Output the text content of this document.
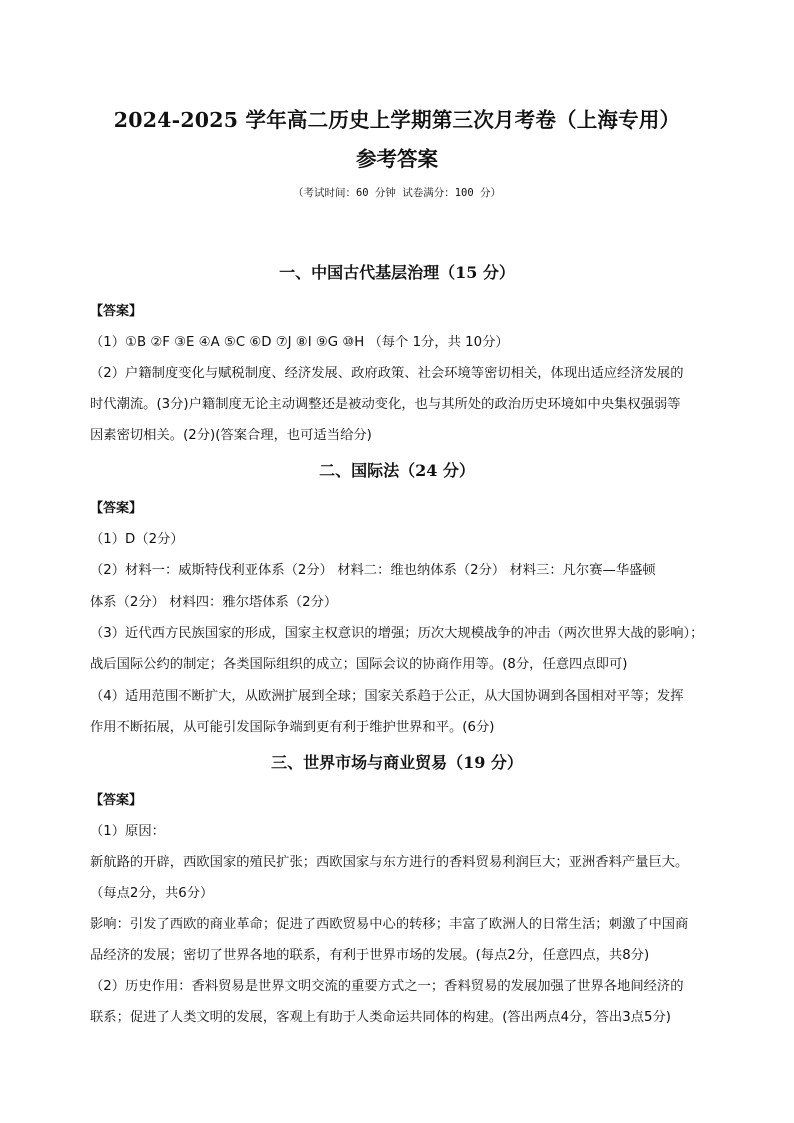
2024-2025 学年高二历史上学期第三次月考卷（上海专用）
参考答案
（考试时间：60 分钟 试卷满分：100 分）
一、中国古代基层治理（15 分）
【答案】
（1）①B ②F ③E ④A ⑤C ⑥D ⑦J ⑧I ⑨G ⑩H （每个 1分，共 10分）
（2）户籍制度变化与赋税制度、经济发展、政府政策、社会环境等密切相关，体现出适应经济发展的
时代潮流。(3分)户籍制度无论主动调整还是被动变化，也与其所处的政治历史环境如中央集权强弱等
因素密切相关。(2分)(答案合理，也可适当给分)
二、国际法（24 分）
【答案】
（1）D（2分）
（2）材料一：威斯特伐利亚体系（2分） 材料二：维也纳体系（2分） 材料三：凡尔赛—华盛顿
体系（2分） 材料四：雅尔塔体系（2分）
（3）近代西方民族国家的形成，国家主权意识的增强；历次大规模战争的冲击（两次世界大战的影响）；
战后国际公约的制定；各类国际组织的成立；国际会议的协商作用等。(8分，任意四点即可)
（4）适用范围不断扩大，从欧洲扩展到全球；国家关系趋于公正，从大国协调到各国相对平等；发挥
作用不断拓展，从可能引发国际争端到更有利于维护世界和平。(6分)
三、世界市场与商业贸易（19 分）
【答案】
（1）原因：
新航路的开辟，西欧国家的殖民扩张；西欧国家与东方进行的香料贸易利润巨大；亚洲香料产量巨大。
（每点2分，共6分）
影响：引发了西欧的商业革命；促进了西欧贸易中心的转移；丰富了欧洲人的日常生活；刺激了中国商
品经济的发展；密切了世界各地的联系，有利于世界市场的发展。(每点2分，任意四点，共8分)
（2）历史作用：香料贸易是世界文明交流的重要方式之一；香料贸易的发展加强了世界各地间经济的
联系；促进了人类文明的发展，客观上有助于人类命运共同体的构建。(答出两点4分，答出3点5分)
